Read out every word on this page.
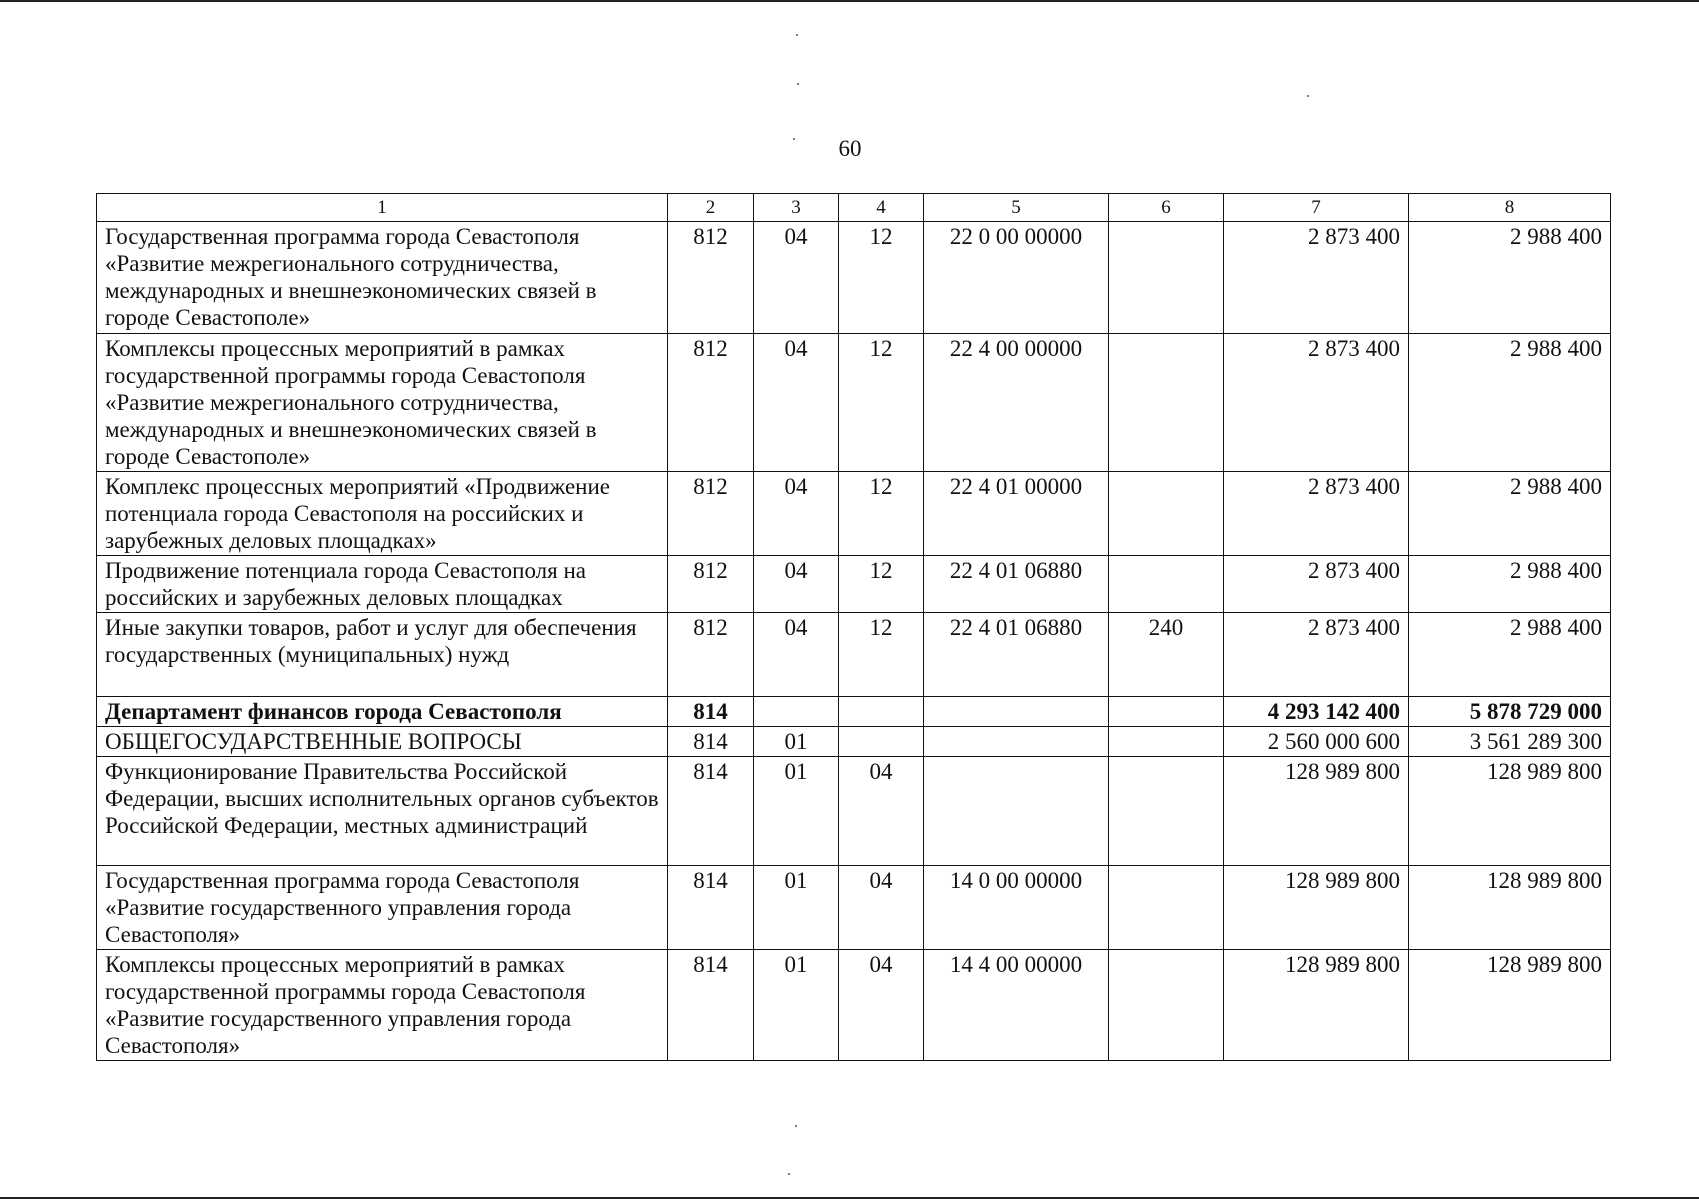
60
1	2	3	4	5	6	7	8
Государственная программа города Севастополя «Развитие межрегионального сотрудничества, международных и внешнеэкономических связей в городе Севастополе»	812	04	12	22 0 00 00000		2 873 400	2 988 400
Комплексы процессных мероприятий в рамках государственной программы города Севастополя «Развитие межрегионального сотрудничества, международных и внешнеэкономических связей в городе Севастополе»	812	04	12	22 4 00 00000		2 873 400	2 988 400
Комплекс процессных мероприятий «Продвижение потенциала города Севастополя на российских и зарубежных деловых площадках»	812	04	12	22 4 01 00000		2 873 400	2 988 400
Продвижение потенциала города Севастополя на российских и зарубежных деловых площадках	812	04	12	22 4 01 06880		2 873 400	2 988 400
Иные закупки товаров, работ и услуг для обеспечения государственных (муниципальных) нужд	812	04	12	22 4 01 06880	240	2 873 400	2 988 400
Департамент финансов города Севастополя	814					4 293 142 400	5 878 729 000
ОБЩЕГОСУДАРСТВЕННЫЕ ВОПРОСЫ	814	01				2 560 000 600	3 561 289 300
Функционирование Правительства Российской Федерации, высших исполнительных органов субъектов Российской Федерации, местных администраций	814	01	04			128 989 800	128 989 800
Государственная программа города Севастополя «Развитие государственного управления города Севастополя»	814	01	04	14 0 00 00000		128 989 800	128 989 800
Комплексы процессных мероприятий в рамках государственной программы города Севастополя «Развитие государственного управления города Севастополя»	814	01	04	14 4 00 00000		128 989 800	128 989 800
